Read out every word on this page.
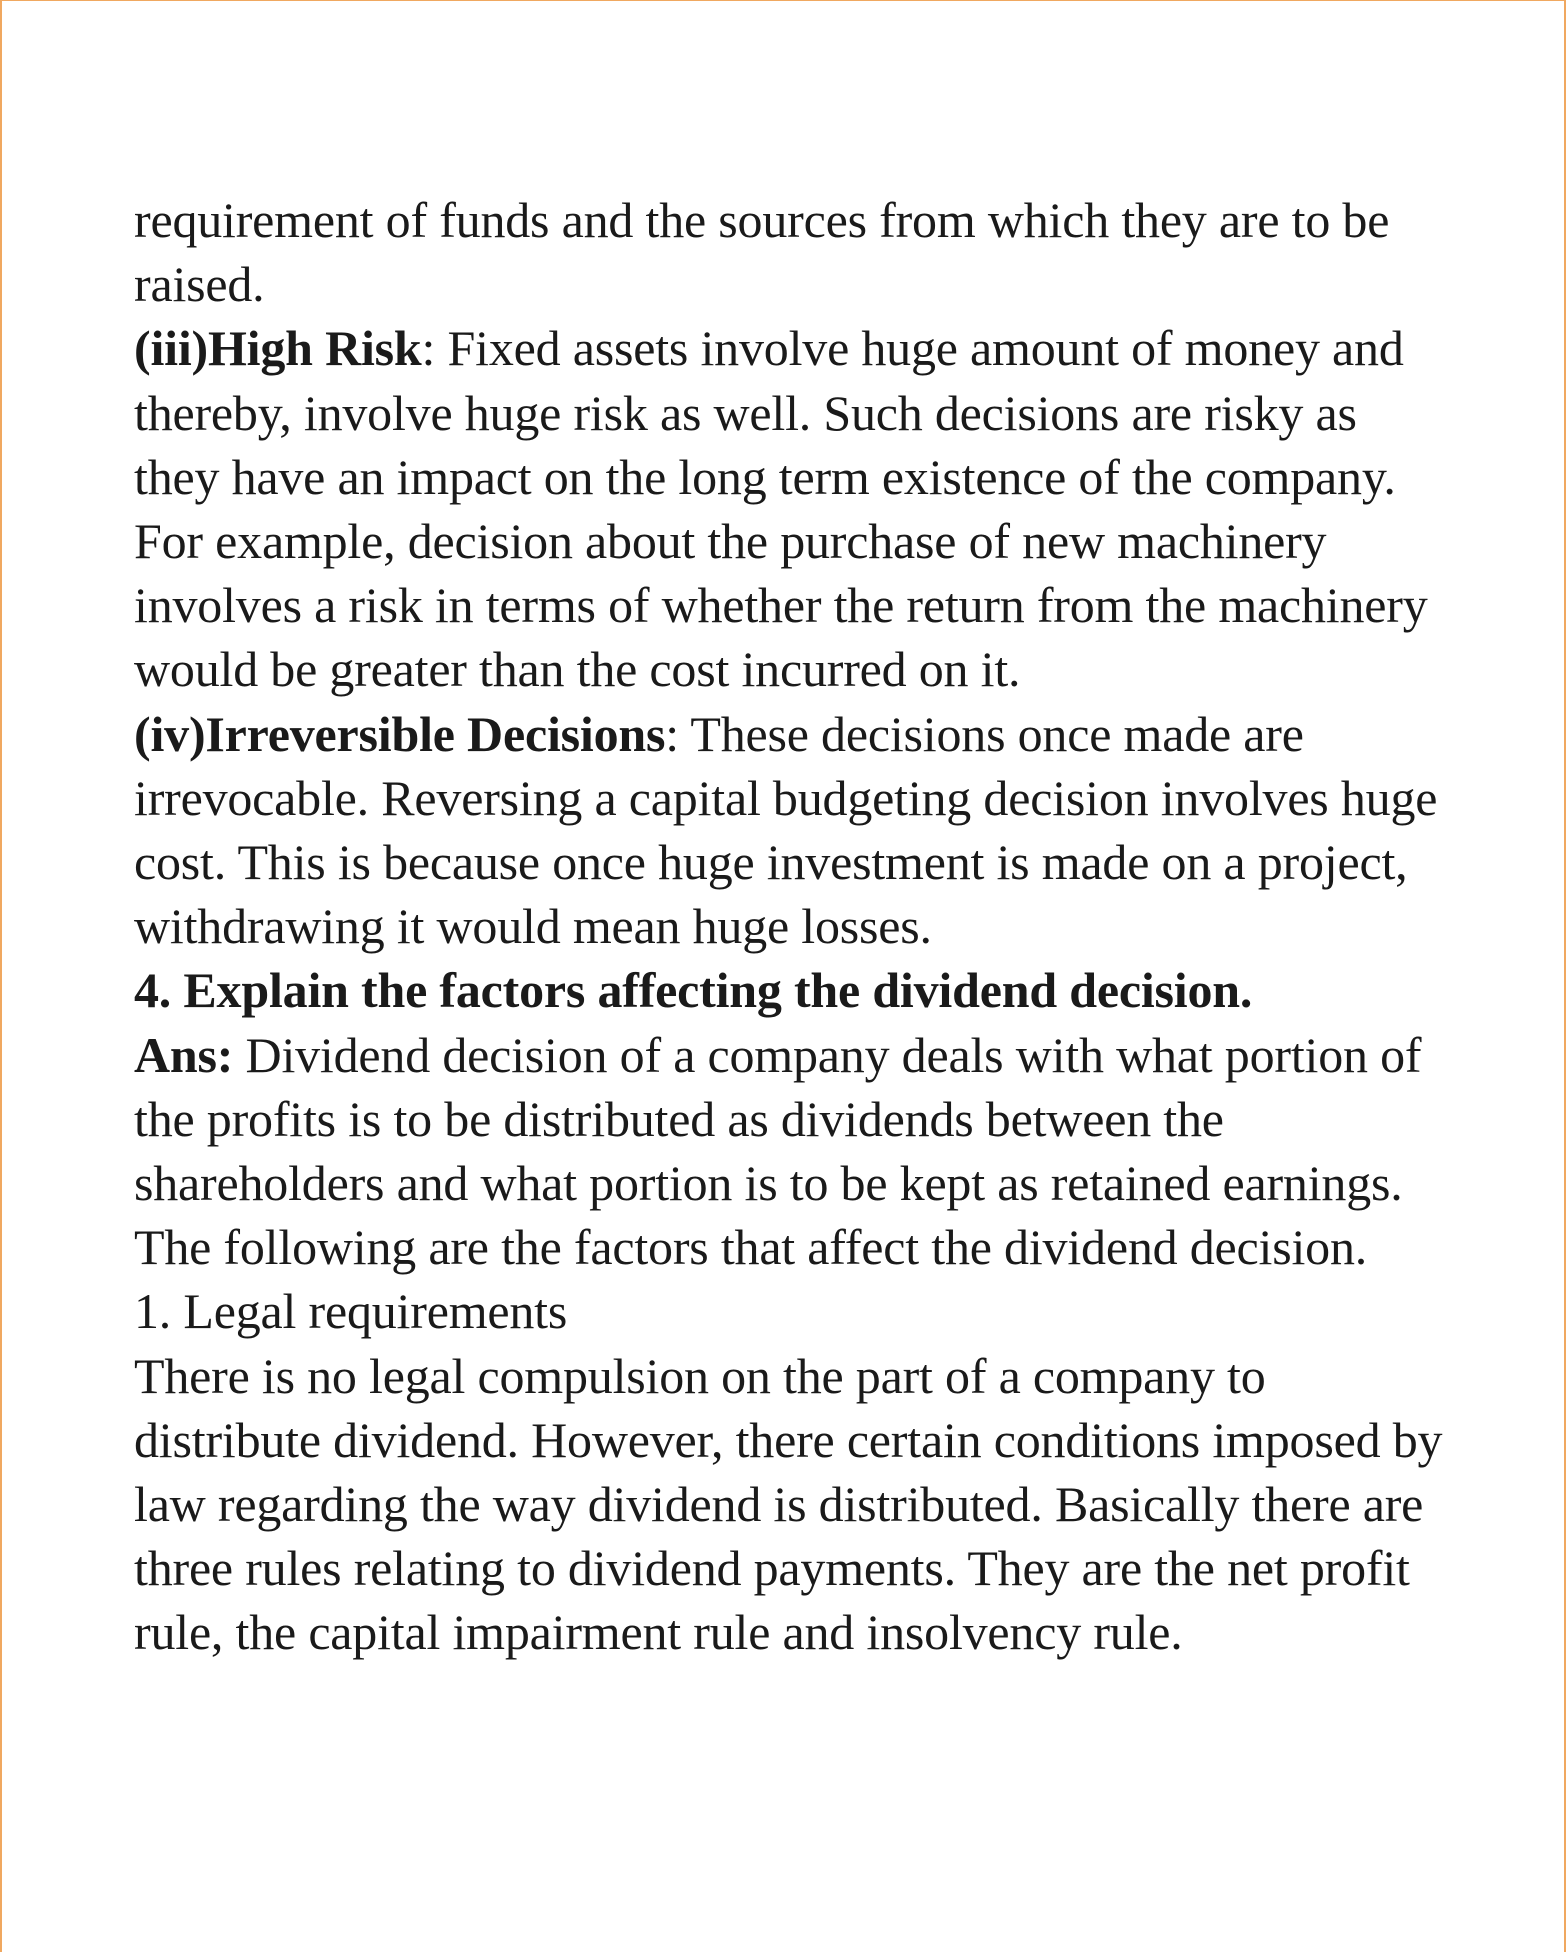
requirement of funds and the sources from which they are to be raised.

(iii)High Risk: Fixed assets involve huge amount of money and thereby, involve huge risk as well. Such decisions are risky as they have an impact on the long term existence of the company. For example, decision about the purchase of new machinery involves a risk in terms of whether the return from the machinery would be greater than the cost incurred on it.

(iv)Irreversible Decisions: These decisions once made are irrevocable. Reversing a capital budgeting decision involves huge cost. This is because once huge investment is made on a project, withdrawing it would mean huge losses.

4. Explain the factors affecting the dividend decision.

Ans: Dividend decision of a company deals with what portion of the profits is to be distributed as dividends between the shareholders and what portion is to be kept as retained earnings. The following are the factors that affect the dividend decision.

1. Legal requirements

There is no legal compulsion on the part of a company to distribute dividend. However, there certain conditions imposed by law regarding the way dividend is distributed. Basically there are three rules relating to dividend payments. They are the net profit rule, the capital impairment rule and insolvency rule.
